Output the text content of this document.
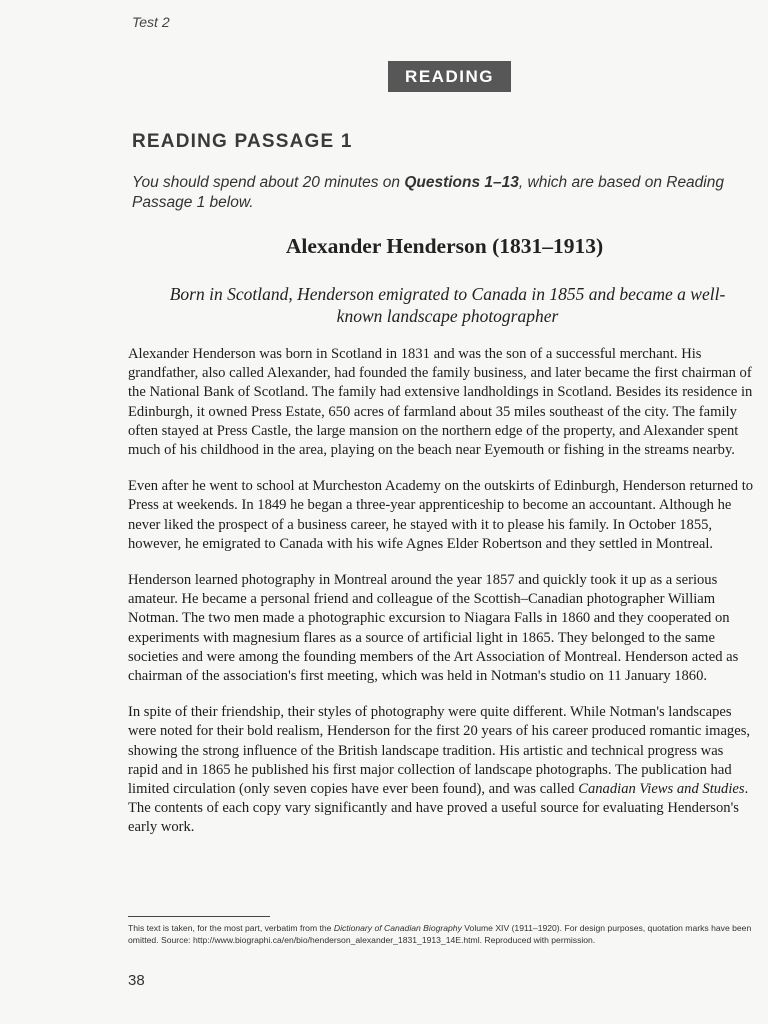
Test 2
READING
READING PASSAGE 1
You should spend about 20 minutes on Questions 1–13, which are based on Reading Passage 1 below.
Alexander Henderson (1831–1913)
Born in Scotland, Henderson emigrated to Canada in 1855 and became a well-known landscape photographer

Alexander Henderson was born in Scotland in 1831 and was the son of a successful merchant. His grandfather, also called Alexander, had founded the family business, and later became the first chairman of the National Bank of Scotland. The family had extensive landholdings in Scotland. Besides its residence in Edinburgh, it owned Press Estate, 650 acres of farmland about 35 miles southeast of the city. The family often stayed at Press Castle, the large mansion on the northern edge of the property, and Alexander spent much of his childhood in the area, playing on the beach near Eyemouth or fishing in the streams nearby.

Even after he went to school at Murcheston Academy on the outskirts of Edinburgh, Henderson returned to Press at weekends. In 1849 he began a three-year apprenticeship to become an accountant. Although he never liked the prospect of a business career, he stayed with it to please his family. In October 1855, however, he emigrated to Canada with his wife Agnes Elder Robertson and they settled in Montreal.

Henderson learned photography in Montreal around the year 1857 and quickly took it up as a serious amateur. He became a personal friend and colleague of the Scottish–Canadian photographer William Notman. The two men made a photographic excursion to Niagara Falls in 1860 and they cooperated on experiments with magnesium flares as a source of artificial light in 1865. They belonged to the same societies and were among the founding members of the Art Association of Montreal. Henderson acted as chairman of the association's first meeting, which was held in Notman's studio on 11 January 1860.

In spite of their friendship, their styles of photography were quite different. While Notman's landscapes were noted for their bold realism, Henderson for the first 20 years of his career produced romantic images, showing the strong influence of the British landscape tradition. His artistic and technical progress was rapid and in 1865 he published his first major collection of landscape photographs. The publication had limited circulation (only seven copies have ever been found), and was called Canadian Views and Studies. The contents of each copy vary significantly and have proved a useful source for evaluating Henderson's early work.

This text is taken, for the most part, verbatim from the Dictionary of Canadian Biography Volume XIV (1911–1920). For design purposes, quotation marks have been omitted. Source: http://www.biographi.ca/en/bio/henderson_alexander_1831_1913_14E.html. Reproduced with permission.
38
